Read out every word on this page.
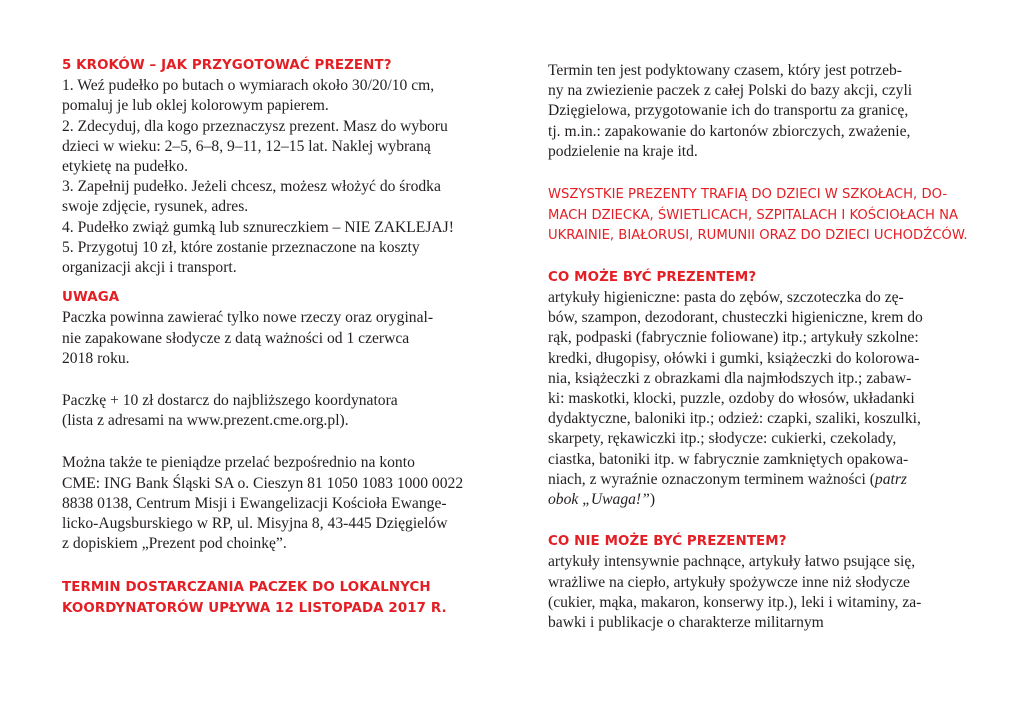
5 KROKÓW – JAK PRZYGOTOWAĆ PREZENT?
1. Weź pudełko po butach o wymiarach około 30/20/10 cm,
pomaluj je lub oklej kolorowym papierem.
2. Zdecyduj, dla kogo przeznaczysz prezent. Masz do wyboru
dzieci w wieku: 2–5, 6–8, 9–11, 12–15 lat. Naklej wybraną
etykietę na pudełko.
3. Zapełnij pudełko. Jeżeli chcesz, możesz włożyć do środka
swoje zdjęcie, rysunek, adres.
4. Pudełko zwiąż gumką lub sznureczkiem – NIE ZAKLEJAJ!
5. Przygotuj 10 zł, które zostanie przeznaczone na koszty
organizacji akcji i transport.
UWAGA
Paczka powinna zawierać tylko nowe rzeczy oraz oryginal-
nie zapakowane słodycze z datą ważności od 1 czerwca
2018 roku.
Paczkę + 10 zł dostarcz do najbliższego koordynatora
(lista z adresami na www.prezent.cme.org.pl).
Można także te pieniądze przelać bezpośrednio na konto
CME: ING Bank Śląski SA o. Cieszyn 81 1050 1083 1000 0022
8838 0138, Centrum Misji i Ewangelizacji Kościoła Ewange-
licko-Augsburskiego w RP, ul. Misyjna 8, 43-445 Dzięgielów
z dopiskiem „Prezent pod choinkę”.
TERMIN DOSTARCZANIA PACZEK DO LOKALNYCH
KOORDYNATORÓW UPŁYWA 12 LISTOPADA 2017 R.
Termin ten jest podyktowany czasem, który jest potrzeb-
ny na zwiezienie paczek z całej Polski do bazy akcji, czyli
Dzięgielowa, przygotowanie ich do transportu za granicę,
tj. m.in.: zapakowanie do kartonów zbiorczych, zważenie,
podzielenie na kraje itd.
WSZYSTKIE PREZENTY TRAFIĄ DO DZIECI W SZKOŁACH, DO-
MACH DZIECKA, ŚWIETLICACH, SZPITALACH I KOŚCIOŁACH NA
UKRAINIE, BIAŁORUSI, RUMUNII ORAZ DO DZIECI UCHODŹCÓW.
CO MOŻE BYĆ PREZENTEM?
artykuły higieniczne: pasta do zębów, szczoteczka do zę-
bów, szampon, dezodorant, chusteczki higieniczne, krem do
rąk, podpaski (fabrycznie foliowane) itp.; artykuły szkolne:
kredki, długopisy, ołówki i gumki, książeczki do kolorowa-
nia, książeczki z obrazkami dla najmłodszych itp.; zabaw-
ki: maskotki, klocki, puzzle, ozdoby do włosów, układanki
dydaktyczne, baloniki itp.; odzież: czapki, szaliki, koszulki,
skarpety, rękawiczki itp.; słodycze: cukierki, czekolady,
ciastka, batoniki itp. w fabrycznie zamkniętych opakowa-
niach, z wyraźnie oznaczonym terminem ważności (patrz
obok „Uwaga!”)
CO NIE MOŻE BYĆ PREZENTEM?
artykuły intensywnie pachnące, artykuły łatwo psujące się,
wrażliwe na ciepło, artykuły spożywcze inne niż słodycze
(cukier, mąka, makaron, konserwy itp.), leki i witaminy, za-
bawki i publikacje o charakterze militarnym
